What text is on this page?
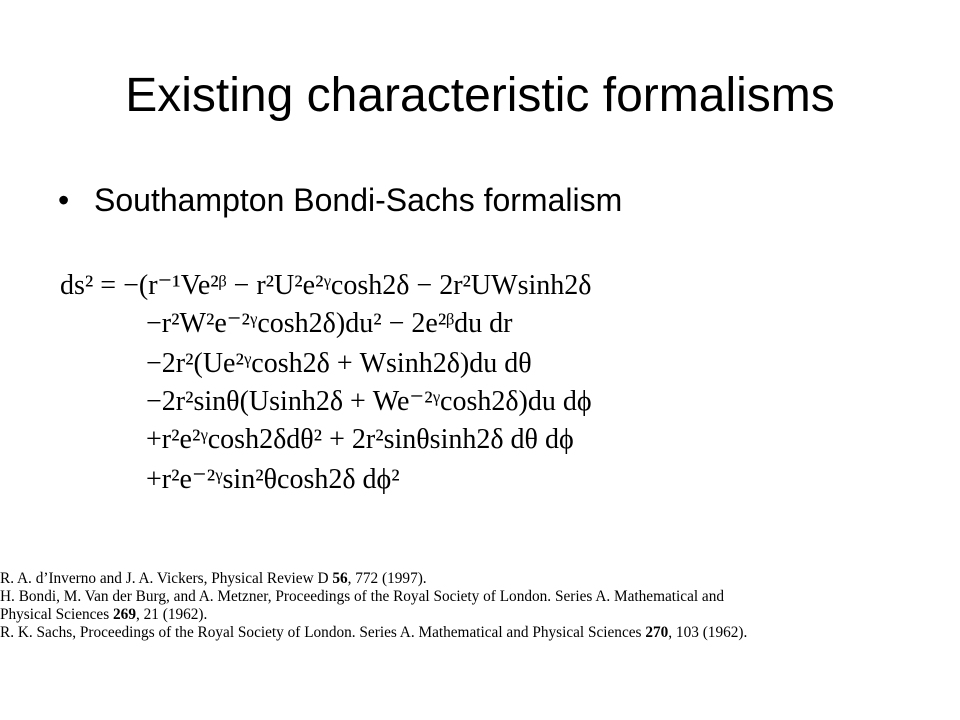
Existing characteristic formalisms
• Southampton Bondi-Sachs formalism
ds² = −(r⁻¹Ve²ᵝ − r²U²e²ᵞcosh2δ − 2r²UWsinh2δ
−r²W²e⁻²ᵞcosh2δ)du² − 2e²ᵝdu dr
−2r²(Ue²ᵞcosh2δ + Wsinh2δ)du dθ
−2r²sinθ(Usinh2δ + We⁻²ᵞcosh2δ)du dϕ
+r²e²ᵞcosh2δdθ² + 2r²sinθsinh2δ dθ dϕ
+r²e⁻²ᵞsin²θcosh2δ dϕ²

R. A. d’Inverno and J. A. Vickers, Physical Review D 56, 772 (1997).

H. Bondi, M. Van der Burg, and A. Metzner, Proceedings of the Royal Society of London. Series A. Mathematical and
Physical Sciences 269, 21 (1962).

R. K. Sachs, Proceedings of the Royal Society of London. Series A. Mathematical and Physical Sciences 270, 103 (1962).
